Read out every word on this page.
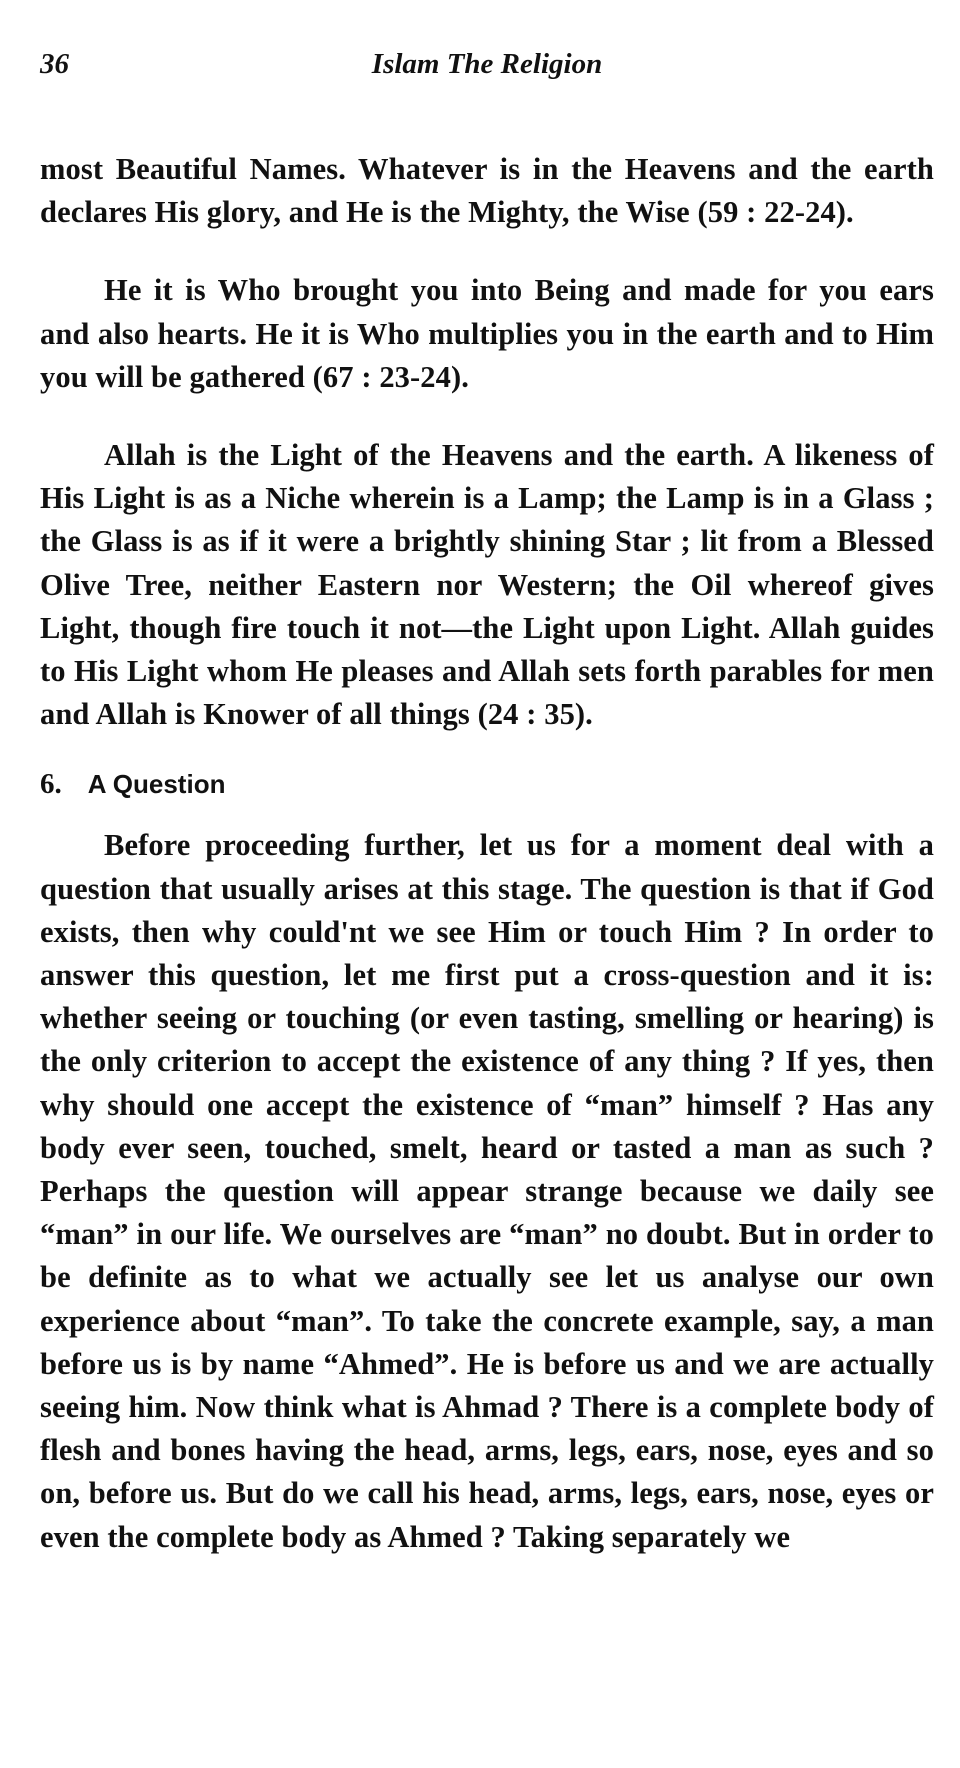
36	Islam The Religion

most Beautiful Names. Whatever is in the Heavens and the earth declares His glory, and He is the Mighty, the Wise (59 : 22-24).

He it is Who brought you into Being and made for you ears and also hearts. He it is Who multiplies you in the earth and to Him you will be gathered (67 : 23-24).

Allah is the Light of the Heavens and the earth. A likeness of His Light is as a Niche wherein is a Lamp; the Lamp is in a Glass ; the Glass is as if it were a brightly shining Star ; lit from a Blessed Olive Tree, neither Eastern nor Western; the Oil whereof gives Light, though fire touch it not—the Light upon Light. Allah guides to His Light whom He pleases and Allah sets forth parables for men and Allah is Knower of all things (24 : 35).

6. A Question

Before proceeding further, let us for a moment deal with a question that usually arises at this stage. The question is that if God exists, then why could'nt we see Him or touch Him ? In order to answer this question, let me first put a cross-question and it is: whether seeing or touching (or even tasting, smelling or hearing) is the only criterion to accept the existence of any thing ? If yes, then why should one accept the existence of “man” himself ? Has any body ever seen, touched, smelt, heard or tasted a man as such ? Perhaps the question will appear strange because we daily see “man” in our life. We ourselves are “man” no doubt. But in order to be definite as to what we actually see let us analyse our own experience about “man”. To take the concrete example, say, a man before us is by name “Ahmed”. He is before us and we are actually seeing him. Now think what is Ahmad ? There is a complete body of flesh and bones having the head, arms, legs, ears, nose, eyes and so on, before us. But do we call his head, arms, legs, ears, nose, eyes or even the complete body as Ahmed ? Taking separately we
